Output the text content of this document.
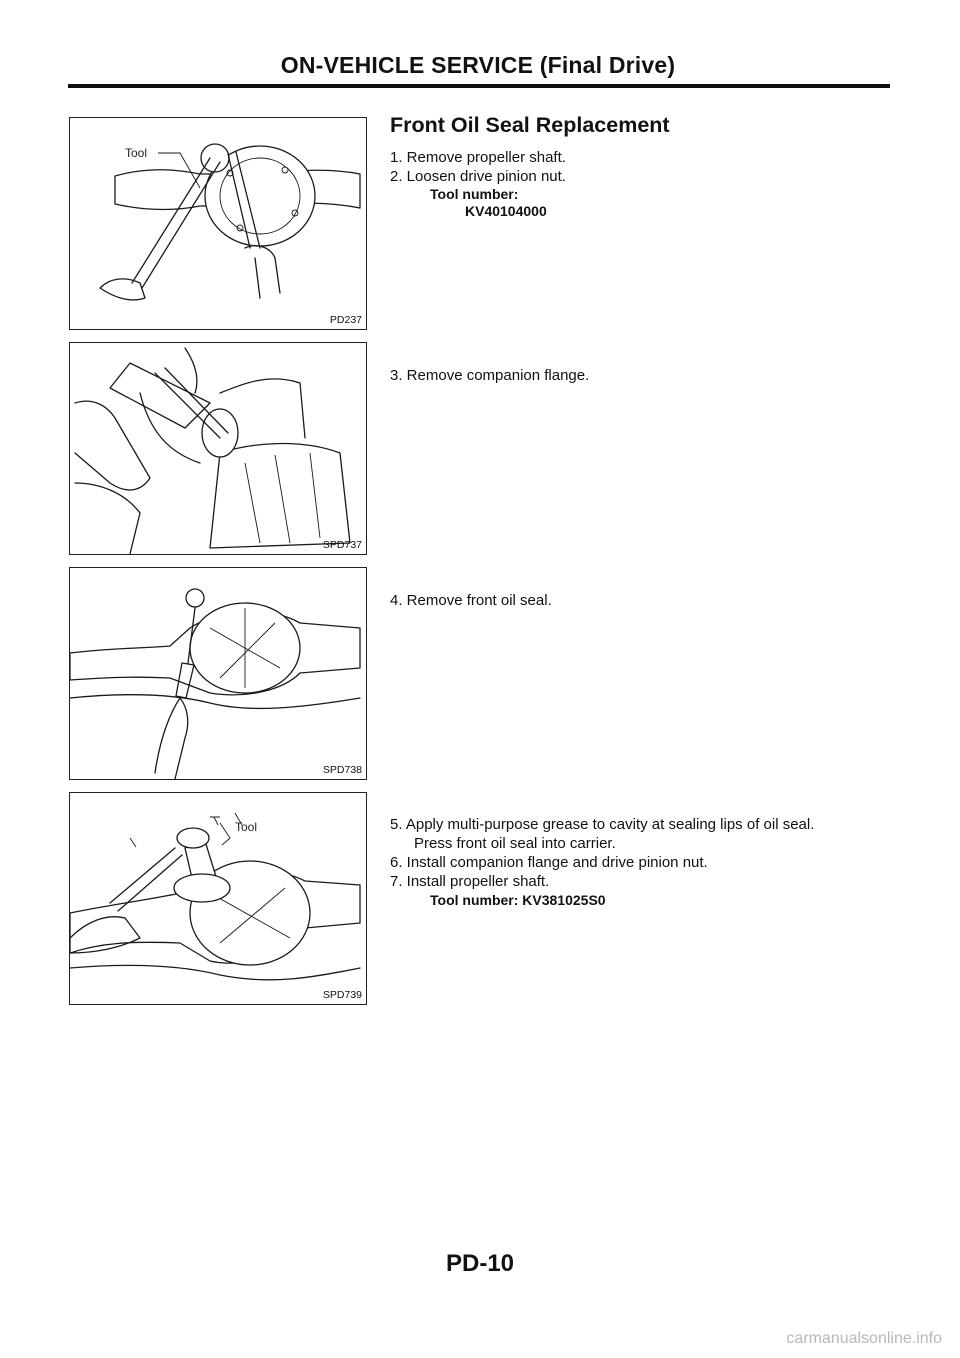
ON-VEHICLE SERVICE (Final Drive)
Tool
PD237
SPD737
SPD738
Tool
SPD739
Front Oil Seal Replacement
1. Remove propeller shaft.
2. Loosen drive pinion nut.
Tool number:
KV40104000
3. Remove companion flange.
4. Remove front oil seal.
5. Apply multi-purpose grease to cavity at sealing lips of oil seal.
Press front oil seal into carrier.
6. Install companion flange and drive pinion nut.
7. Install propeller shaft.
Tool number: KV381025S0
PD-10
carmanualsonline.info
